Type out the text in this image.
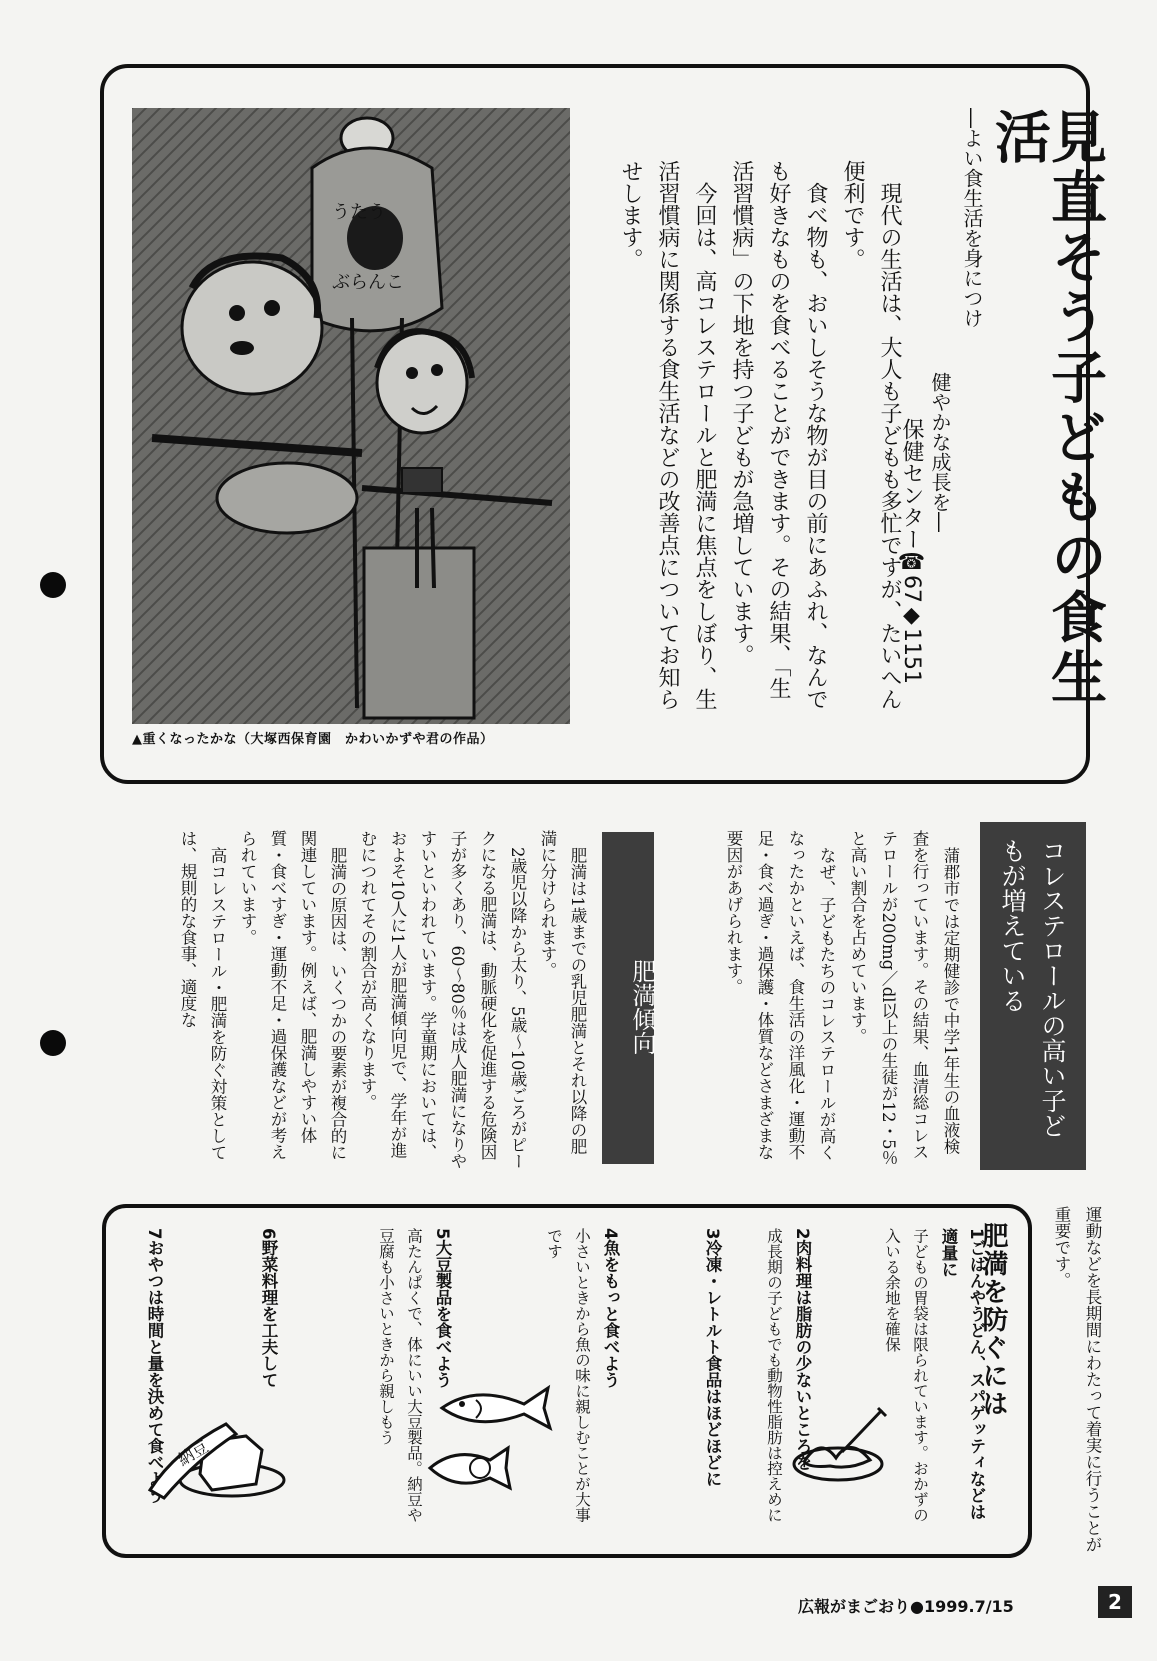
うたう
ぶらんこ
▲重くなったかな（大塚西保育園　かわいかずや君の作品）
見直そう子どもの食生活
―よい食生活を身につけ
健やかな成長を―
保健センター☎67◆1151

現代の生活は、大人も子どもも多忙ですが、たいへん便利です。

食べ物も、おいしそうな物が目の前にあふれ、なんでも好きなものを食べることができます。その結果、「生活習慣病」の下地を持つ子どもが急増しています。

今回は、高コレステロールと肥満に焦点をしぼり、生活習慣病に関係する食生活などの改善点についてお知らせします。

コレステロールの高い子どもが増えている

蒲郡市では定期健診で中学1年生の血液検査を行っています。その結果、血清総コレステロールが200mg／dl以上の生徒が12・5％と高い割合を占めています。

なぜ、子どもたちのコレステロールが高くなったかといえば、食生活の洋風化・運動不足・食べ過ぎ・過保護・体質などさまざまな要因があげられます。

肥満傾向

肥満は1歳までの乳児肥満とそれ以降の肥満に分けられます。

2歳児以降から太り、5歳～10歳ごろがピークになる肥満は、動脈硬化を促進する危険因子が多くあり、60～80％は成人肥満になりやすいといわれています。学童期においては、およそ10人に1人が肥満傾向児で、学年が進むにつれてその割合が高くなります。

肥満の原因は、いくつかの要素が複合的に関連しています。例えば、肥満しやすい体質・食べすぎ・運動不足・過保護などが考えられています。

高コレステロール・肥満を防ぐ対策としては、規則的な食事、適度な

運動などを長期間にわたって着実に行うことが重要です。
肥満を防ぐには
1ごはんやうどん、スパゲッティなどは適量に
子どもの胃袋は限られています。おかずの入いる余地を確保
2肉料理は脂肪の少ないところを
成長期の子どもでも動物性脂肪は控えめに
3冷凍・レトルト食品はほどほどに
4魚をもっと食べよう
小さいときから魚の味に親しむことが大事です
5大豆製品を食べよう
高たんぱくで、体にいい大豆製品。納豆や豆腐も小さいときから親しもう
6野菜料理を工夫して
7おやつは時間と量を決めて食べよう 納豆
広報がまごおり●1999.7/15	2
